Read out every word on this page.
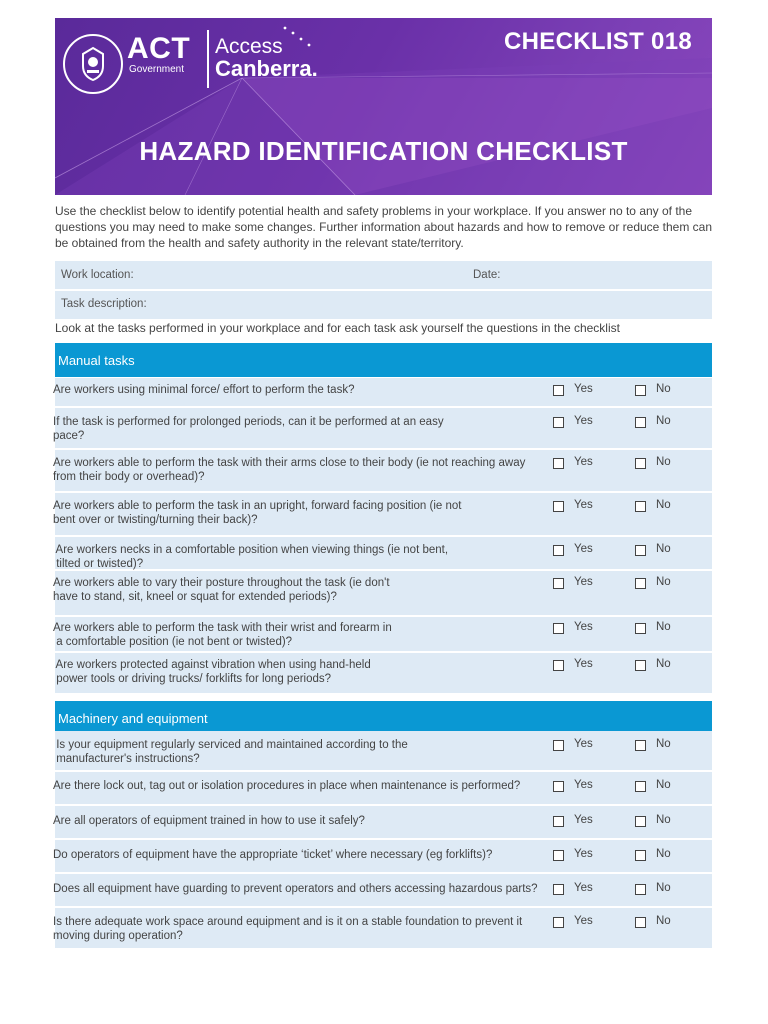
ACT
Government
Access
Canberra.
CHECKLIST 018
HAZARD IDENTIFICATION CHECKLIST
Use the checklist below to identify potential health and safety problems in your workplace. If you answer no to any of the questions you may need to make some changes. Further information about hazards and how to remove or reduce them can be obtained from the health and safety authority in the relevant state/territory.
Work location:	Date:
Task description:
Look at the tasks performed in your workplace and for each task ask yourself the questions in the checklist
Manual tasks
Are workers using minimal force/ effort to perform the task?	Yes	No
If the task is performed for prolonged periods, can it be performed at an easy
pace?
Yes	No
Are workers able to perform the task with their arms close to their body (ie not reaching away
from their body or overhead)?
Yes	No
Are workers able to perform the task in an upright, forward facing position (ie not
bent over or twisting/turning their back)?
Yes	No
Are workers necks in a comfortable position when viewing things (ie not bent,
tilted or twisted)?
Yes	No
Are workers able to vary their posture throughout the task (ie don't
have to stand, sit, kneel or squat for extended periods)?
Yes	No
Are workers able to perform the task with their wrist and forearm in
a comfortable position (ie not bent or twisted)?
Yes	No
Are workers protected against vibration when using hand-held
power tools or driving trucks/ forklifts for long periods?
Yes	No
Machinery and equipment
Is your equipment regularly serviced and maintained according to the
manufacturer's instructions?
Yes	No
Are there lock out, tag out or isolation procedures in place when maintenance is performed?	Yes	No
Are all operators of equipment trained in how to use it safely?	Yes	No
Do operators of equipment have the appropriate ‘ticket’ where necessary (eg forklifts)?	Yes	No
Does all equipment have guarding to prevent operators and others accessing hazardous parts?	Yes	No
Is there adequate work space around equipment and is it on a stable foundation to prevent it
moving during operation?
Yes	No
